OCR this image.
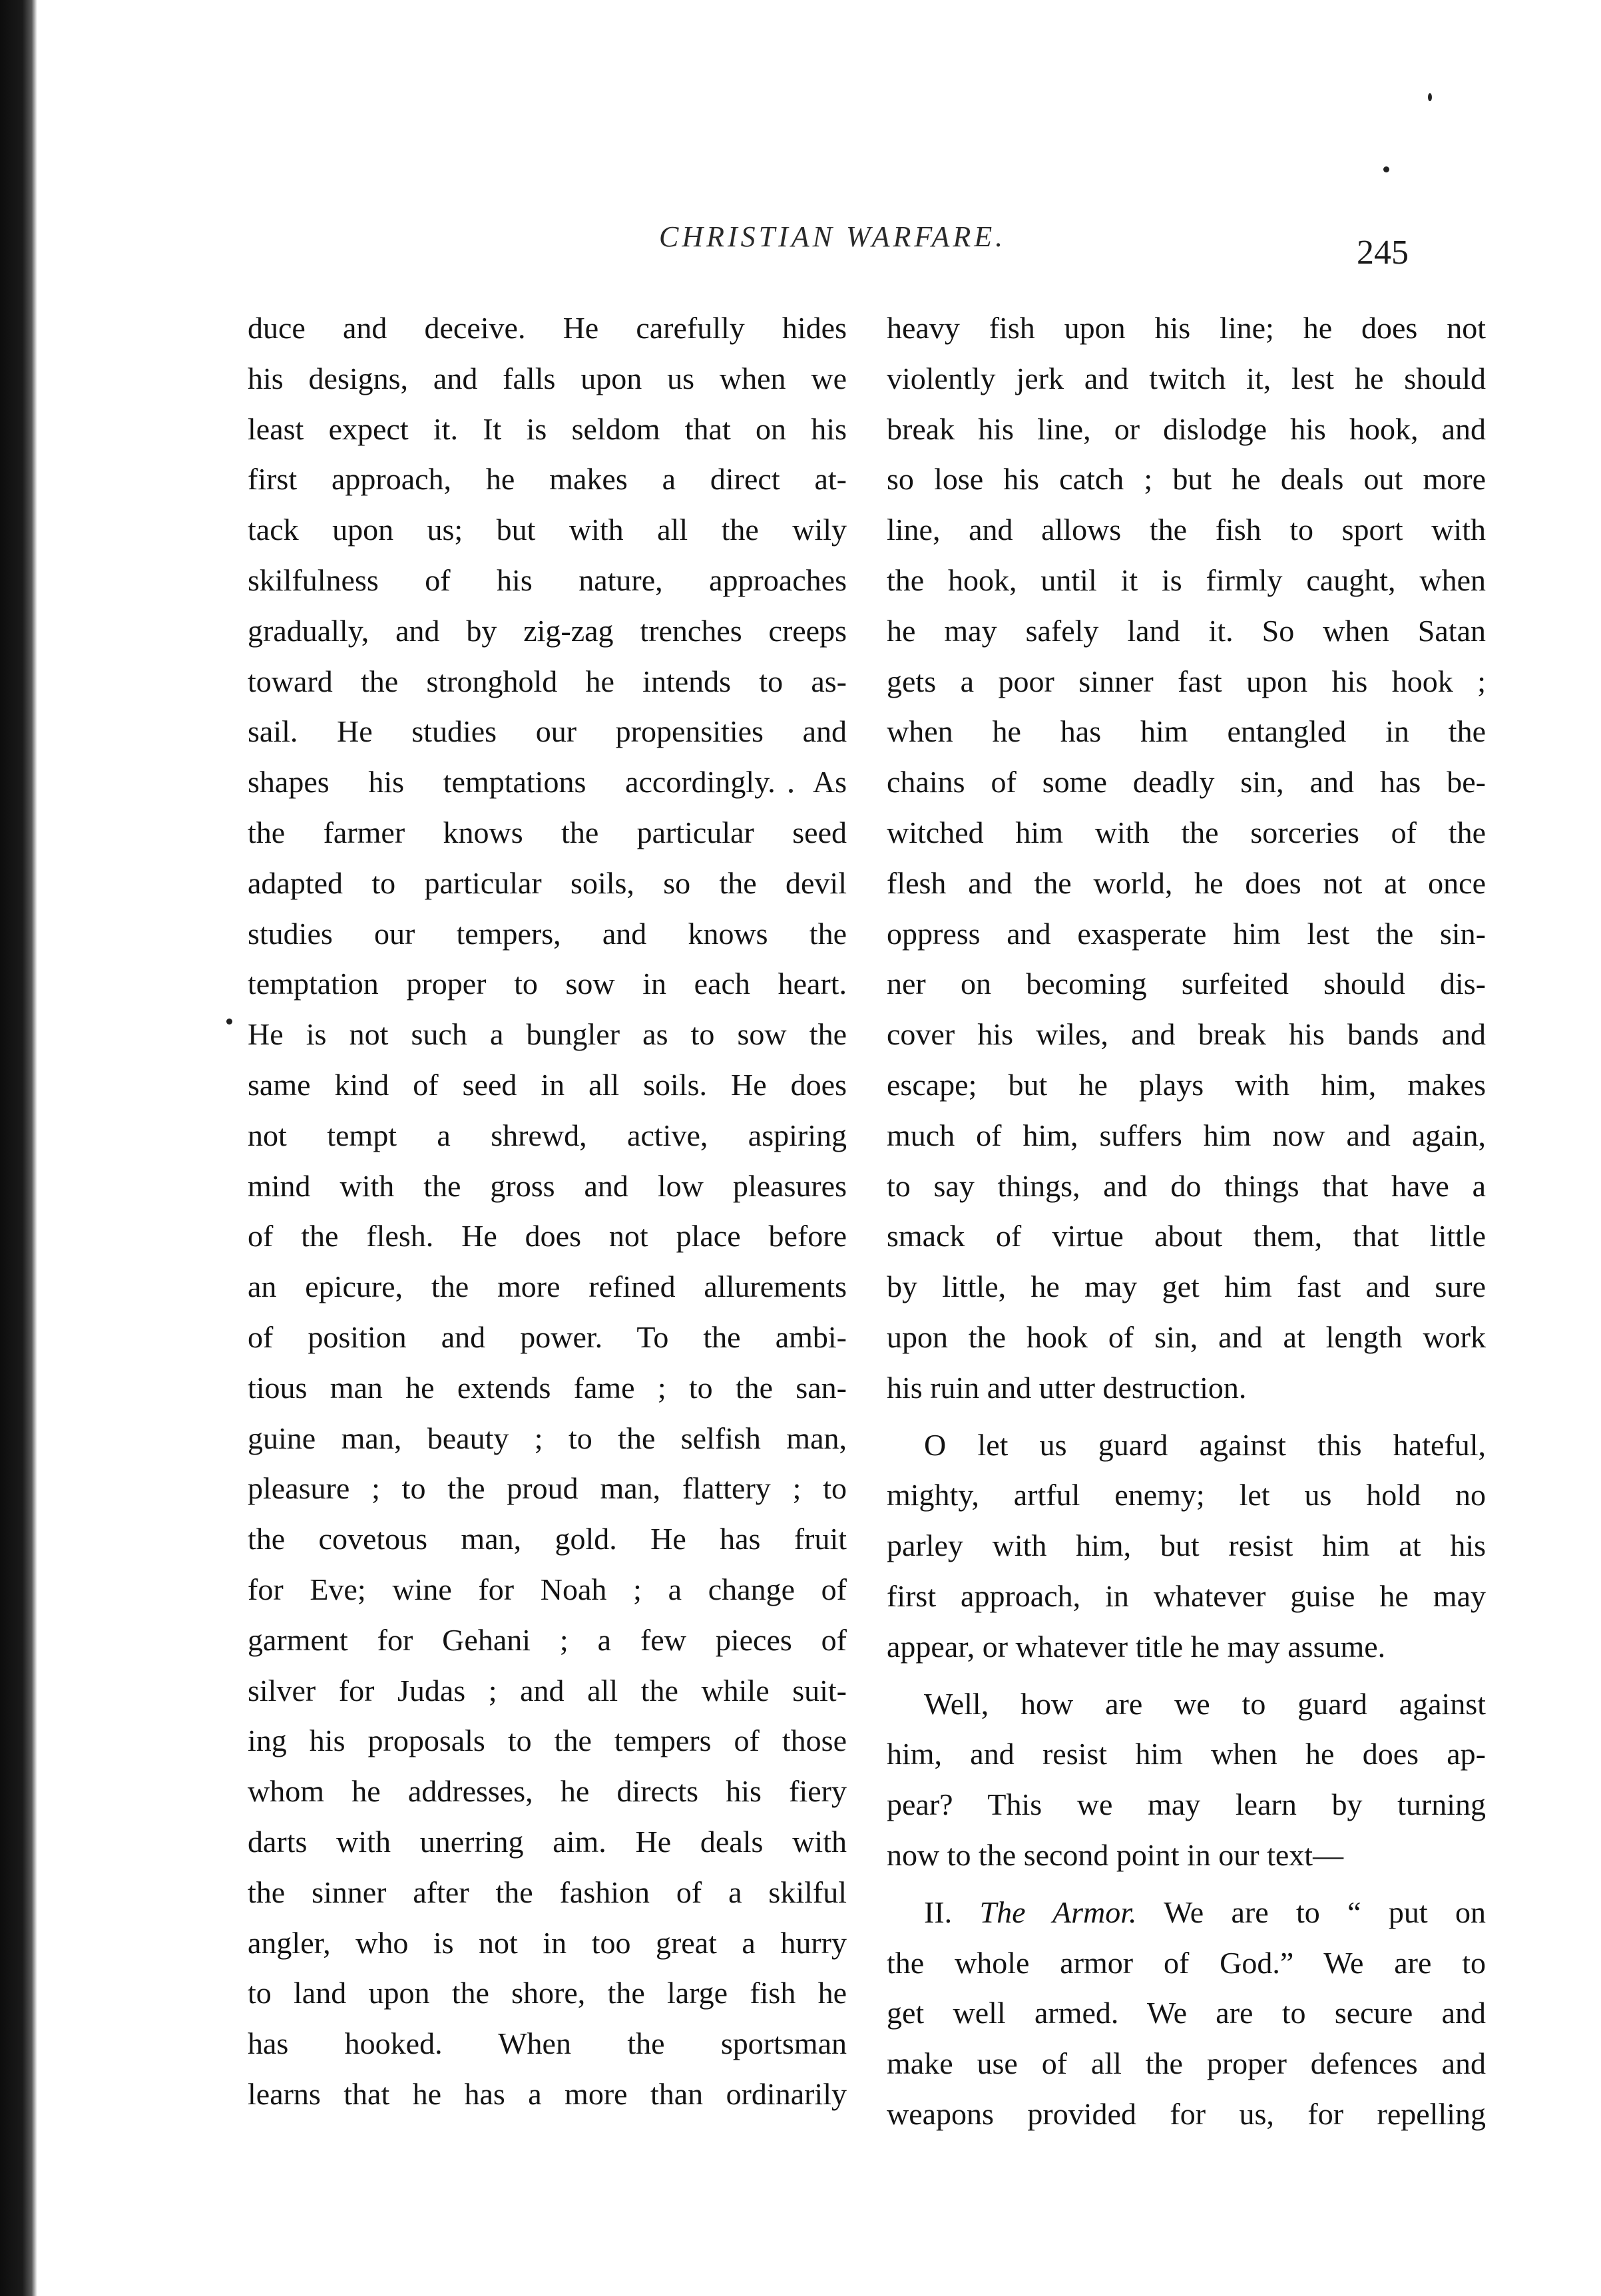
CHRISTIAN WARFARE.	245
duce and deceive. He carefully hides
his designs, and falls upon us when we
least expect it. It is seldom that on his
first approach, he makes a direct at-
tack upon us; but with all the wily
skilfulness of his nature, approaches
gradually, and by zig-zag trenches creeps
toward the stronghold he intends to as-
sail. He studies our propensities and
shapes his temptations accordingly. As
the farmer knows the particular seed
adapted to particular soils, so the devil
studies our tempers, and knows the
temptation proper to sow in each heart.
He is not such a bungler as to sow the
same kind of seed in all soils. He does
not tempt a shrewd, active, aspiring
mind with the gross and low pleasures
of the flesh. He does not place before
an epicure, the more refined allurements
of position and power. To the ambi-
tious man he extends fame ; to the san-
guine man, beauty ; to the selfish man,
pleasure ; to the proud man, flattery ; to
the covetous man, gold. He has fruit
for Eve; wine for Noah ; a change of
garment for Gehani ; a few pieces of
silver for Judas ; and all the while suit-
ing his proposals to the tempers of those
whom he addresses, he directs his fiery
darts with unerring aim. He deals with
the sinner after the fashion of a skilful
angler, who is not in too great a hurry
to land upon the shore, the large fish he
has hooked. When the sportsman
learns that he has a more than ordinarily
heavy fish upon his line; he does not
violently jerk and twitch it, lest he should
break his line, or dislodge his hook, and
so lose his catch ; but he deals out more
line, and allows the fish to sport with
the hook, until it is firmly caught, when
he may safely land it. So when Satan
gets a poor sinner fast upon his hook ;
when he has him entangled in the
chains of some deadly sin, and has be-
witched him with the sorceries of the
flesh and the world, he does not at once
oppress and exasperate him lest the sin-
ner on becoming surfeited should dis-
cover his wiles, and break his bands and
escape; but he plays with him, makes
much of him, suffers him now and again,
to say things, and do things that have a
smack of virtue about them, that little
by little, he may get him fast and sure
upon the hook of sin, and at length work
his ruin and utter destruction.
O let us guard against this hateful,
mighty, artful enemy; let us hold no
parley with him, but resist him at his
first approach, in whatever guise he may
appear, or whatever title he may assume.
Well, how are we to guard against
him, and resist him when he does ap-
pear? This we may learn by turning
now to the second point in our text—
II. The Armor. We are to “ put on
the whole armor of God.” We are to
get well armed. We are to secure and
make use of all the proper defences and
weapons provided for us, for repelling
